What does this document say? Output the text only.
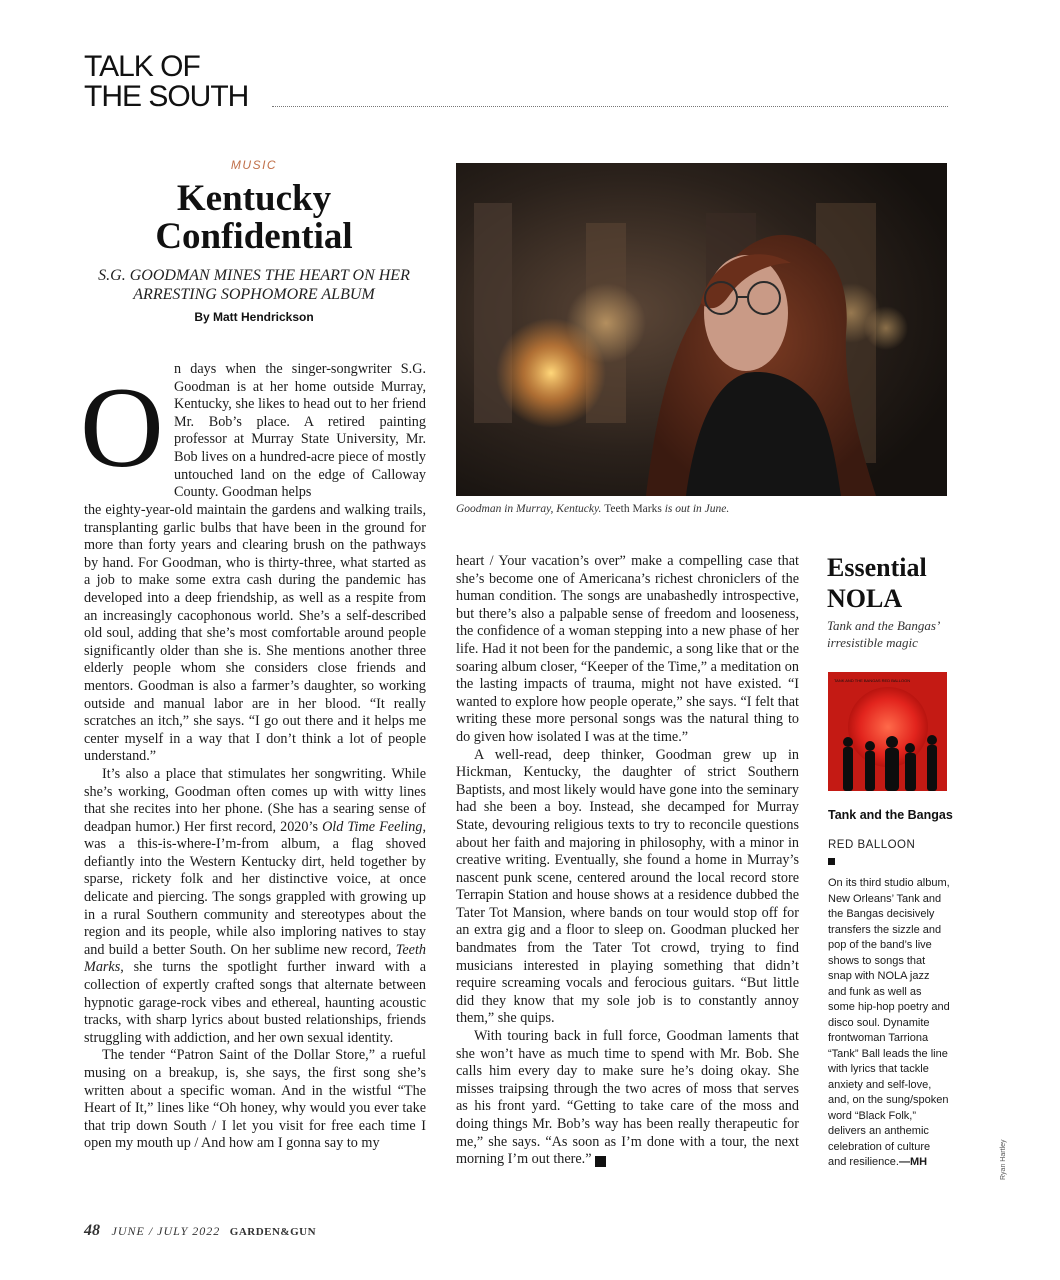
TALK OF
THE SOUTH
MUSIC
Kentucky
Confidential
S.G. GOODMAN MINES THE HEART ON HER ARRESTING SOPHOMORE ALBUM
By Matt Hendrickson
O n days when the singer-songwriter S.G. Goodman is at her home outside Murray, Kentucky, she likes to head out to her friend Mr. Bob’s place. A retired painting professor at Murray State University, Mr. Bob lives on a hundred-acre piece of mostly untouched land on the edge of Calloway County. Goodman helps

the eighty-year-old maintain the gardens and walking trails, transplanting garlic bulbs that have been in the ground for more than forty years and clearing brush on the pathways by hand. For Goodman, who is thirty-three, what started as a job to make some extra cash during the pandemic has developed into a deep friendship, as well as a respite from an increasingly cacophonous world. She’s a self-described old soul, adding that she’s most comfortable around people significantly older than she is. She mentions another three elderly people whom she considers close friends and mentors. Goodman is also a farmer’s daughter, so working outside and manual labor are in her blood. “It really scratches an itch,” she says. “I go out there and it helps me center myself in a way that I don’t think a lot of people understand.”

It’s also a place that stimulates her songwriting. While she’s working, Goodman often comes up with witty lines that she recites into her phone. (She has a searing sense of deadpan humor.) Her first record, 2020’s Old Time Feeling, was a this-is-where-I’m-from album, a flag shoved defiantly into the Western Kentucky dirt, held together by sparse, rickety folk and her distinctive voice, at once delicate and piercing. The songs grappled with growing up in a rural Southern community and stereotypes about the region and its people, while also imploring natives to stay and build a better South. On her sublime new record, Teeth Marks, she turns the spotlight further inward with a collection of expertly crafted songs that alternate between hypnotic garage-rock vibes and ethereal, haunting acoustic tracks, with sharp lyrics about busted relationships, friends struggling with addiction, and her own sexual identity.

The tender “Patron Saint of the Dollar Store,” a rueful musing on a breakup, is, she says, the first song she’s written about a specific woman. And in the wistful “The Heart of It,” lines like “Oh honey, why would you ever take that trip down South / I let you visit for free each time I open my mouth up / And how am I gonna say to my

Goodman in Murray, Kentucky. Teeth Marks is out in June.

heart / Your vacation’s over” make a compelling case that she’s become one of Americana’s richest chroniclers of the human condition. The songs are unabashedly introspective, but there’s also a palpable sense of freedom and looseness, the confidence of a woman stepping into a new phase of her life. Had it not been for the pandemic, a song like that or the soaring album closer, “Keeper of the Time,” a meditation on the lasting impacts of trauma, might not have existed. “I wanted to explore how people operate,” she says. “I felt that writing these more personal songs was the natural thing to do given how isolated I was at the time.”

A well-read, deep thinker, Goodman grew up in Hickman, Kentucky, the daughter of strict Southern Baptists, and most likely would have gone into the seminary had she been a boy. Instead, she decamped for Murray State, devouring religious texts to try to reconcile questions about her faith and majoring in philosophy, with a minor in creative writing. Eventually, she found a home in Murray’s nascent punk scene, centered around the local record store Terrapin Station and house shows at a residence dubbed the Tater Tot Mansion, where bands on tour would stop off for an extra gig and a floor to sleep on. Goodman plucked her bandmates from the Tater Tot crowd, trying to find musicians interested in playing something that didn’t require screaming vocals and ferocious guitars. “But little did they know that my sole job is to constantly annoy them,” she quips.

With touring back in full force, Goodman laments that she won’t have as much time to spend with Mr. Bob. She calls him every day to make sure he’s doing okay. She misses traipsing through the two acres of moss that serves as his front yard. “Getting to take care of the moss and doing things Mr. Bob’s way has been really therapeutic for me,” she says. “As soon as I’m done with a tour, the next morning I’m out there.” G

Essential
NOLA
Tank and the Bangas’ irresistible magic
TANK AND THE BANGAS RED BALLOON
Tank and the Bangas
RED BALLOON
On its third studio album, New Orleans’ Tank and the Bangas decisively transfers the sizzle and pop of the band’s live shows to songs that snap with NOLA jazz and funk as well as some hip-hop poetry and disco soul. Dynamite frontwoman Tarriona “Tank” Ball leads the line with lyrics that tackle anxiety and self-love, and, on the sung/spoken word “Black Folk,” delivers an anthemic celebration of culture and resilience.—MH	Ryan Hartley
48 JUNE / JULY 2022 GARDEN&GUN
